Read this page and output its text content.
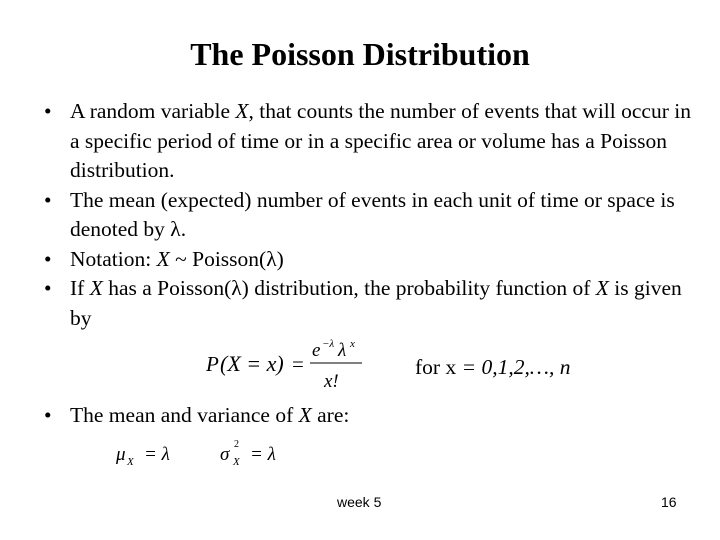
The Poisson Distribution
• A random variable X, that counts the number of events that will occur in a specific period of time or in a specific area or volume has a Poisson distribution.
• The mean (expected) number of events in each unit of time or space is denoted by λ.
• Notation: X ~ Poisson(λ)
• If X has a Poisson(λ) distribution, the probability function of X is given by
P (X = x) =
e −λ λ x
x!
for x = 0,1,2,…, n
• The mean and variance of X are:
μ X = λ	σ 2
X = λ
week 5	16
